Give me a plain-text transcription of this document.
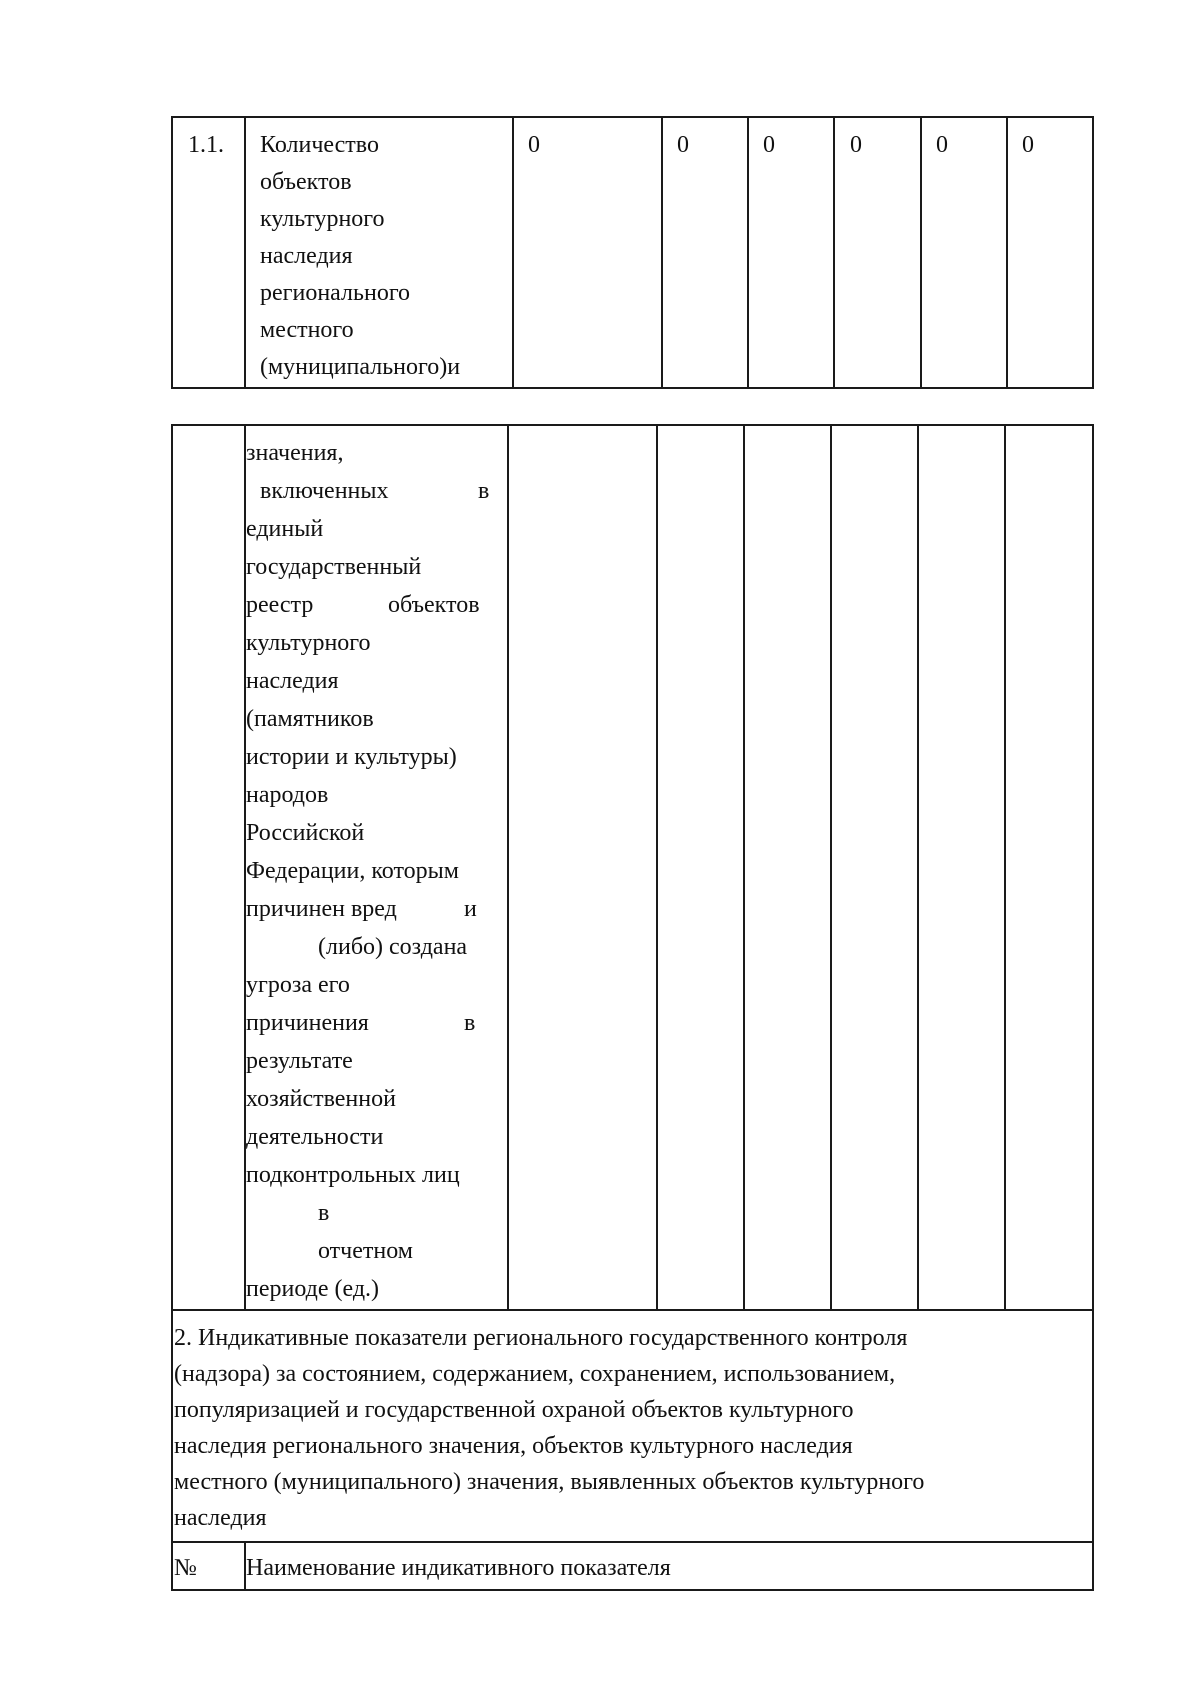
1.1. Количество
объектов
культурного
наследия
регионального
местного
(муниципального)и
0	0	0	0	0	0
значения,
включенных	в
единый
государственный
реестр	объектов
культурного
наследия
(памятников
истории и культуры)
народов
Российской
Федерации, которым
причинен вред	и
(либо) создана
угроза его
причинения	в
результате
хозяйственной
деятельности
подконтрольных лиц
в
отчетном
периоде (ед.)
2. Индикативные показатели регионального государственного контроля
(надзора) за состоянием, содержанием, сохранением, использованием,
популяризацией и государственной охраной объектов культурного
наследия регионального значения, объектов культурного наследия
местного (муниципального) значения, выявленных объектов культурного
наследия
№ Наименование индикативного показателя
